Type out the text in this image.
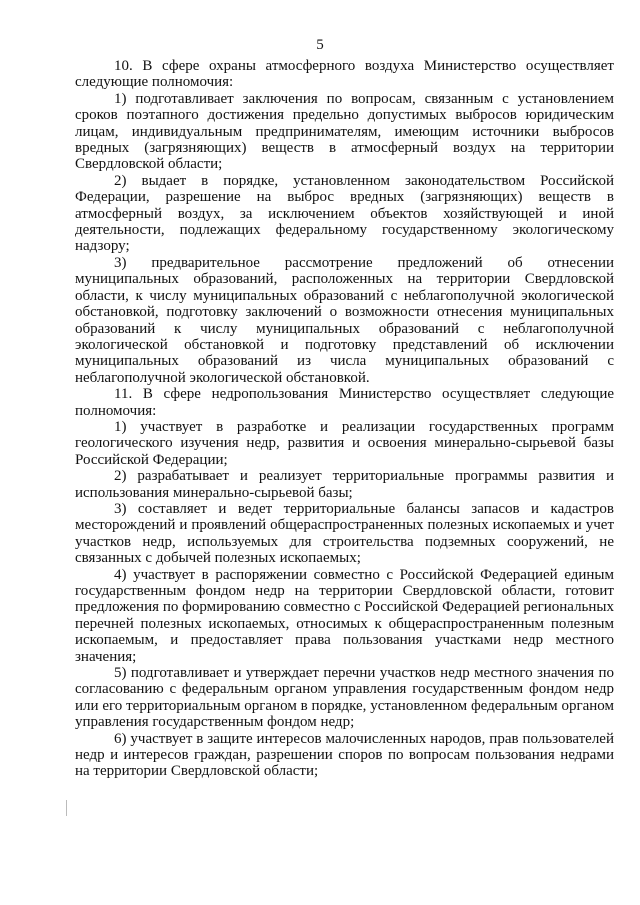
5

10. В сфере охраны атмосферного воздуха Министерство осуществляет следующие полномочия:

1) подготавливает заключения по вопросам, связанным с установлением сроков поэтапного достижения предельно допустимых выбросов юридическим лицам, индивидуальным предпринимателям, имеющим источники выбросов вредных (загрязняющих) веществ в атмосферный воздух на территории Свердловской области;

2) выдает в порядке, установленном законодательством Российской Федерации, разрешение на выброс вредных (загрязняющих) веществ в атмосферный воздух, за исключением объектов хозяйствующей и иной деятельности, подлежащих федеральному государственному экологическому надзору;

3) предварительное рассмотрение предложений об отнесении муниципальных образований, расположенных на территории Свердловской области, к числу муниципальных образований с неблагополучной экологической обстановкой, подготовку заключений о возможности отнесения муниципальных образований к числу муниципальных образований с неблагополучной экологической обстановкой и подготовку представлений об исключении муниципальных образований из числа муниципальных образований с неблагополучной экологической обстановкой.

11. В сфере недропользования Министерство осуществляет следующие полномочия:

1) участвует в разработке и реализации государственных программ геологического изучения недр, развития и освоения минерально-сырьевой базы Российской Федерации;

2) разрабатывает и реализует территориальные программы развития и использования минерально-сырьевой базы;

3) составляет и ведет территориальные балансы запасов и кадастров месторождений и проявлений общераспространенных полезных ископаемых и учет участков недр, используемых для строительства подземных сооружений, не связанных с добычей полезных ископаемых;

4) участвует в распоряжении совместно с Российской Федерацией единым государственным фондом недр на территории Свердловской области, готовит предложения по формированию совместно с Российской Федерацией региональных перечней полезных ископаемых, относимых к общераспространенным полезным ископаемым, и предоставляет права пользования участками недр местного значения;

5) подготавливает и утверждает перечни участков недр местного значения по согласованию с федеральным органом управления государственным фондом недр или его территориальным органом в порядке, установленном федеральным органом управления государственным фондом недр;

6) участвует в защите интересов малочисленных народов, прав пользователей недр и интересов граждан, разрешении споров по вопросам пользования недрами на территории Свердловской области;
